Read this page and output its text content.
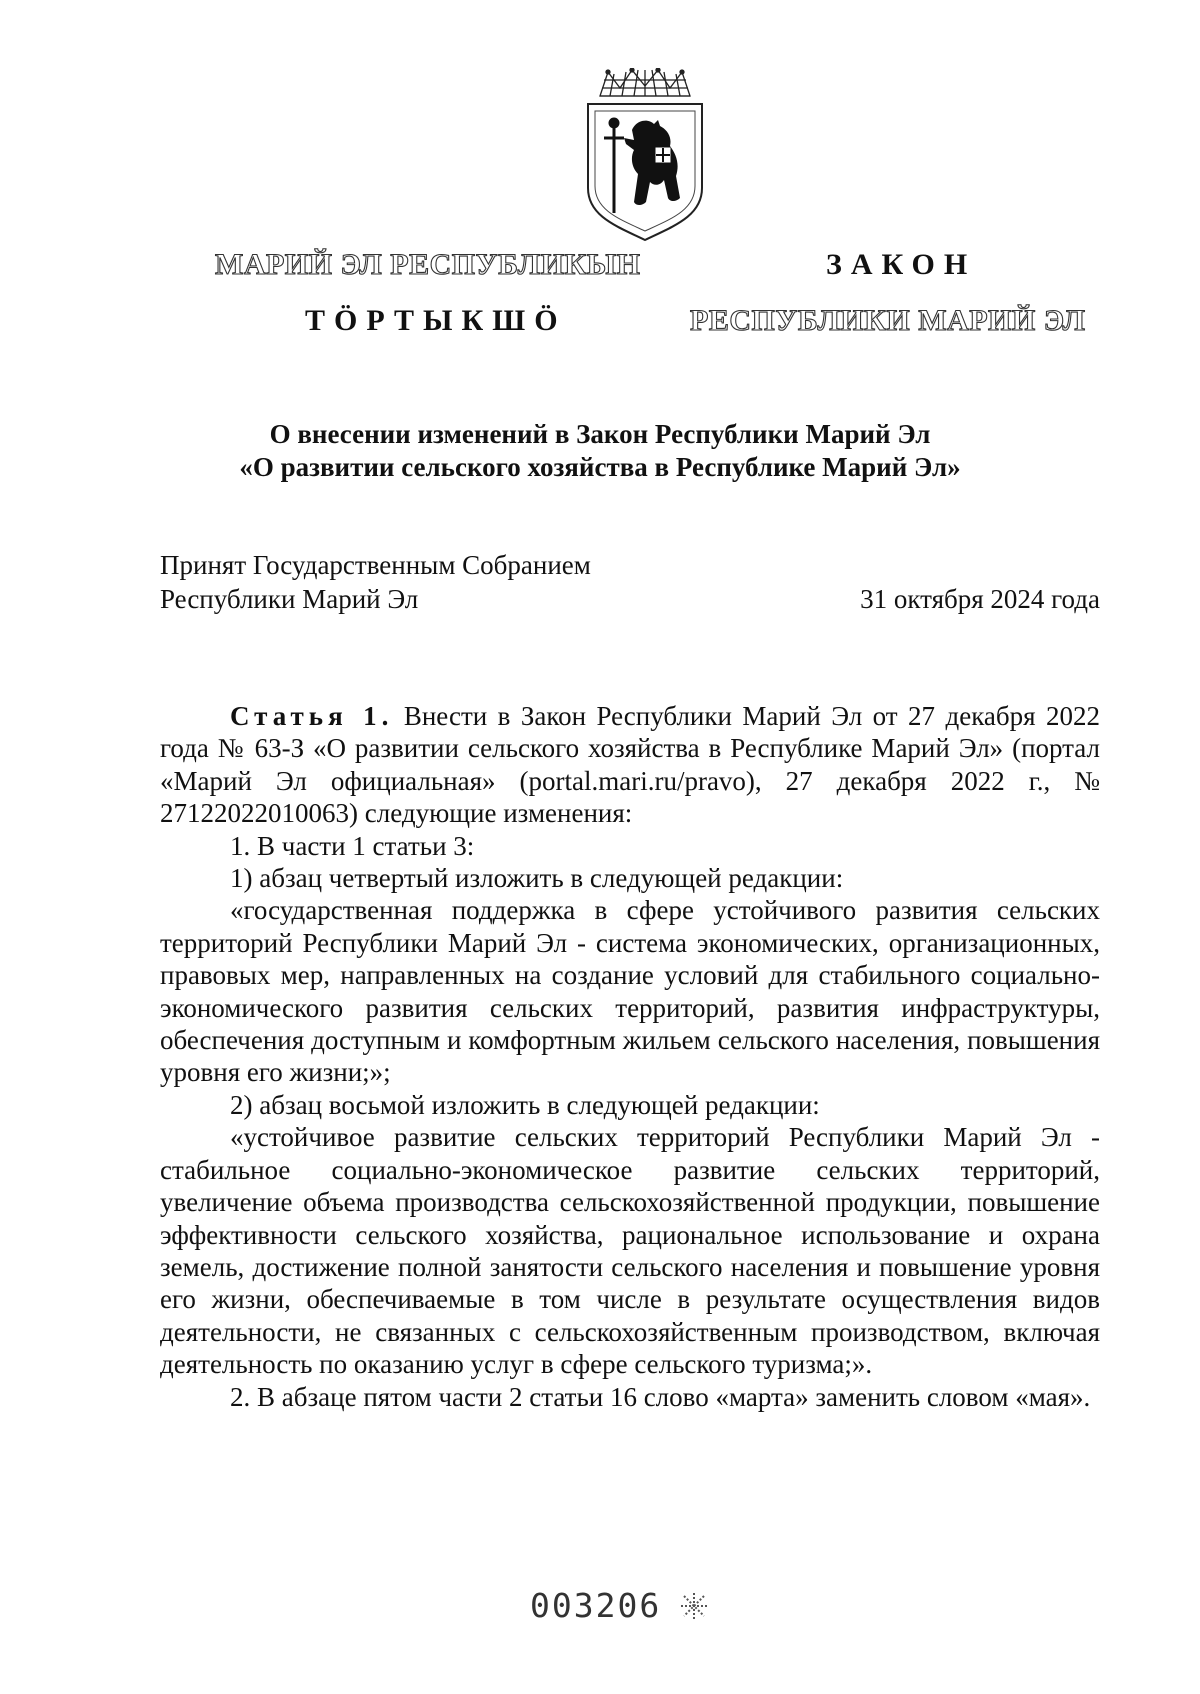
МАРИЙ ЭЛ РЕСПУБЛИКЫН
ТӦРТЫКШӦ
ЗАКОН
РЕСПУБЛИКИ МАРИЙ ЭЛ
О внесении изменений в Закон Республики Марий Эл
«О развитии сельского хозяйства в Республике Марий Эл»
Принят Государственным Собранием
Республики Марий Эл	31 октября 2024 года

Статья 1. Внести в Закон Республики Марий Эл от 27 декабря 2022 года № 63-З «О развитии сельского хозяйства в Республике Марий Эл» (портал «Марий Эл официальная» (portal.mari.ru/pravo), 27 декабря 2022 г., № 27122022010063) следующие изменения:

1. В части 1 статьи 3:

1) абзац четвертый изложить в следующей редакции:

«государственная поддержка в сфере устойчивого развития сельских территорий Республики Марий Эл - система экономических, организационных, правовых мер, направленных на создание условий для стабильного социально-экономического развития сельских территорий, развития инфраструктуры, обеспечения доступным и комфортным жильем сельского населения, повышения уровня его жизни;»;

2) абзац восьмой изложить в следующей редакции:

«устойчивое развитие сельских территорий Республики Марий Эл - стабильное социально-экономическое развитие сельских территорий, увеличение объема производства сельскохозяйственной продукции, повышение эффективности сельского хозяйства, рациональное использование и охрана земель, достижение полной занятости сельского населения и повышение уровня его жизни, обеспечиваемые в том числе в результате осуществления видов деятельности, не связанных с сельскохозяйственным производством, включая деятельность по оказанию услуг в сфере сельского туризма;».

2. В абзаце пятом части 2 статьи 16 слово «марта» заменить словом «мая».

003206
